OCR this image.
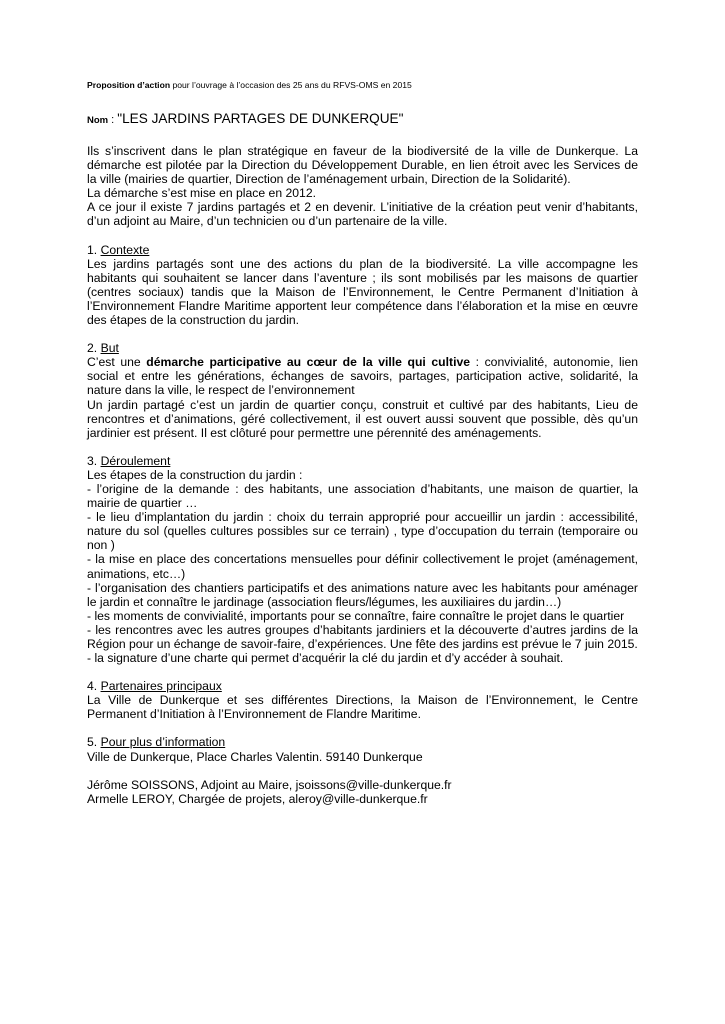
Proposition d’action pour l’ouvrage à l’occasion des 25 ans du RFVS-OMS en 2015

Nom : "LES JARDINS PARTAGES DE DUNKERQUE"

Ils s’inscrivent dans le plan stratégique en faveur de la biodiversité de la ville de Dunkerque. La démarche est pilotée par la Direction du Développement Durable, en lien étroit avec les Services de la ville (mairies de quartier, Direction de l’aménagement urbain, Direction de la Solidarité).

La démarche s’est mise en place en 2012.

A ce jour il existe 7 jardins partagés et 2 en devenir. L’initiative de la création peut venir d’habitants, d’un adjoint au Maire, d’un technicien ou d’un partenaire de la ville.

1. Contexte

Les jardins partagés sont une des actions du plan de la biodiversité. La ville accompagne les habitants qui souhaitent se lancer dans l’aventure ; ils sont mobilisés par les maisons de quartier (centres sociaux) tandis que la Maison de l’Environnement, le Centre Permanent d’Initiation à l’Environnement Flandre Maritime apportent leur compétence dans l’élaboration et la mise en œuvre des étapes de la construction du jardin.

2. But

C’est une démarche participative au cœur de la ville qui cultive : convivialité, autonomie, lien social et entre les générations, échanges de savoirs, partages, participation active, solidarité, la nature dans la ville, le respect de l’environnement

Un jardin partagé c’est un jardin de quartier conçu, construit et cultivé par des habitants, Lieu de rencontres et d’animations, géré collectivement, il est ouvert aussi souvent que possible, dès qu’un jardinier est présent. Il est clôturé pour permettre une pérennité des aménagements.

3. Déroulement

Les étapes de la construction du jardin :

- l’origine de la demande : des habitants, une association d’habitants, une maison de quartier, la mairie de quartier …

- le lieu d’implantation du jardin : choix du terrain approprié pour accueillir un jardin : accessibilité, nature du sol (quelles cultures possibles sur ce terrain) , type d’occupation du terrain (temporaire ou non )

- la mise en place des concertations mensuelles pour définir collectivement le projet (aménagement, animations, etc…)

- l’organisation des chantiers participatifs et des animations nature avec les habitants pour aménager le jardin et connaître le jardinage (association fleurs/légumes, les auxiliaires du jardin…)

- les moments de convivialité, importants pour se connaître, faire connaître le projet dans le quartier

- les rencontres avec les autres groupes d’habitants jardiniers et la découverte d’autres jardins de la Région pour un échange de savoir-faire, d’expériences. Une fête des jardins est prévue le 7 juin 2015.

- la signature d’une charte qui permet d’acquérir la clé du jardin et d’y accéder à souhait.

4. Partenaires principaux

La Ville de Dunkerque et ses différentes Directions, la Maison de l’Environnement, le Centre Permanent d’Initiation à l’Environnement de Flandre Maritime.

5. Pour plus d’information

Ville de Dunkerque, Place Charles Valentin. 59140 Dunkerque

Jérôme SOISSONS, Adjoint au Maire, jsoissons@ville-dunkerque.fr

Armelle LEROY, Chargée de projets, aleroy@ville-dunkerque.fr
